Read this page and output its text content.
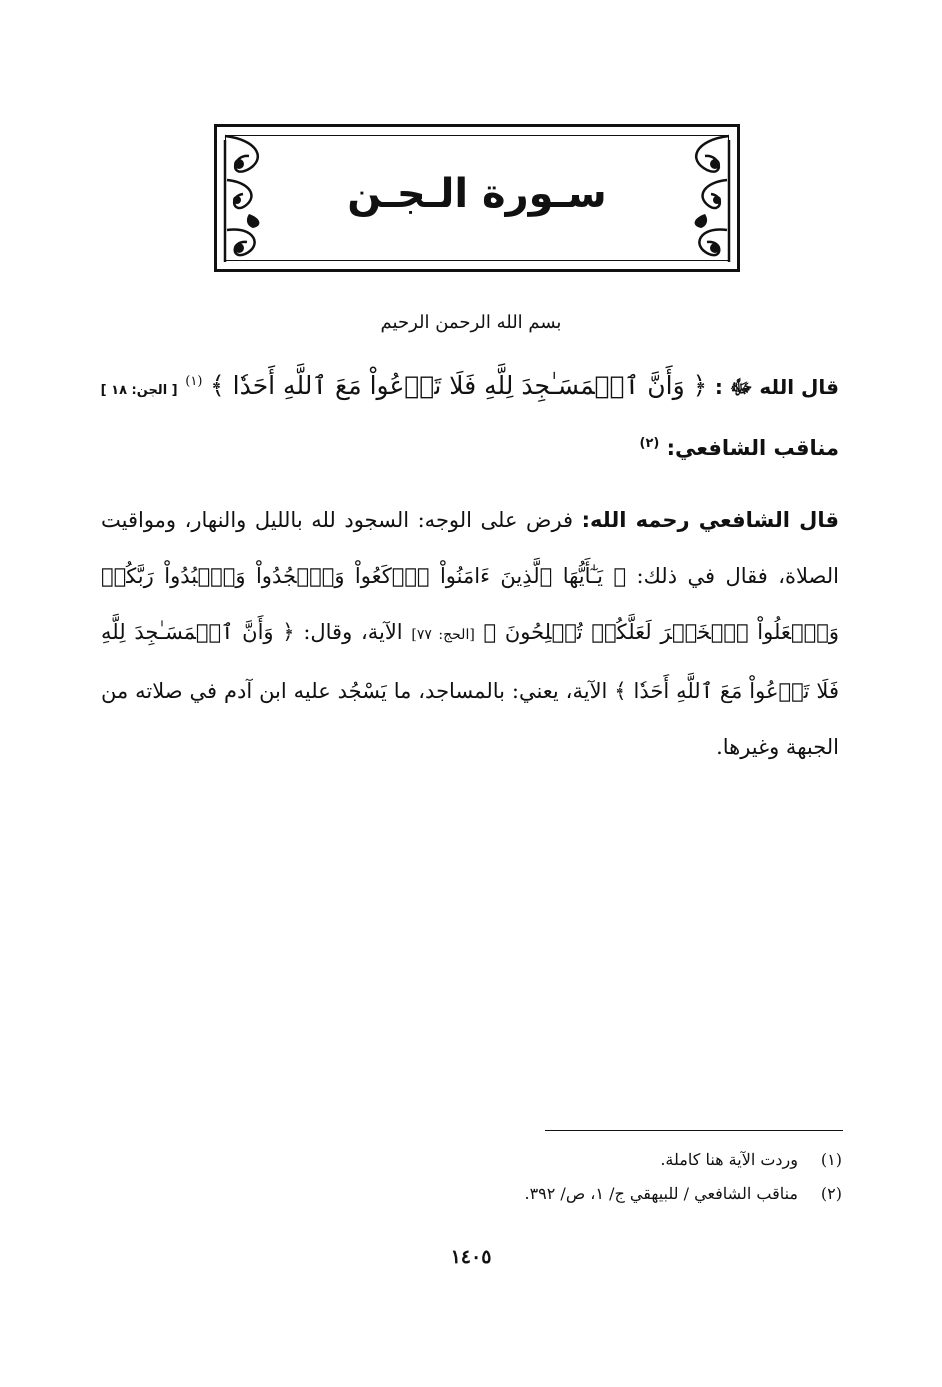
سـورة الـجـن
بسم الله الرحمن الرحيم
قال الله ﷻ : ﴿ وَأَنَّ ٱلۡمَسَـٰجِدَ لِلَّهِ فَلَا تَدۡعُواْ مَعَ ٱللَّهِ أَحَدٗا ﴾ $^{(١)}$ [ الجن: ١٨ ]
مناقب الشافعي: $^{(٢)}$
قال الشافعي رحمه الله: فرض على الوجه: السجود لله بالليل والنهار، ومواقيت الصلاة، فقال في ذلك: ﴿ يَـٰٓأَيُّهَا ٱلَّذِينَ ءَامَنُواْ ٱرۡكَعُواْ وَٱسۡجُدُواْ وَٱعۡبُدُواْ رَبَّكُمۡ وَٱفۡعَلُواْ ٱلۡخَيۡرَ لَعَلَّكُمۡ تُفۡلِحُونَ ﴾ [الحج: ٧٧] الآية، وقال: ﴿ وَأَنَّ ٱلۡمَسَـٰجِدَ لِلَّهِ فَلَا تَدۡعُواْ مَعَ ٱللَّهِ أَحَدٗا ﴾ الآية، يعني: بالمساجد، ما يَسْجُد عليه ابن آدم في صلاته من الجبهة وغيرها.
(١)وردت الآية هنا كاملة.
(٢)مناقب الشافعي / للبيهقي ج/ ١، ص/ ٣٩٢.
١٤٠٥
